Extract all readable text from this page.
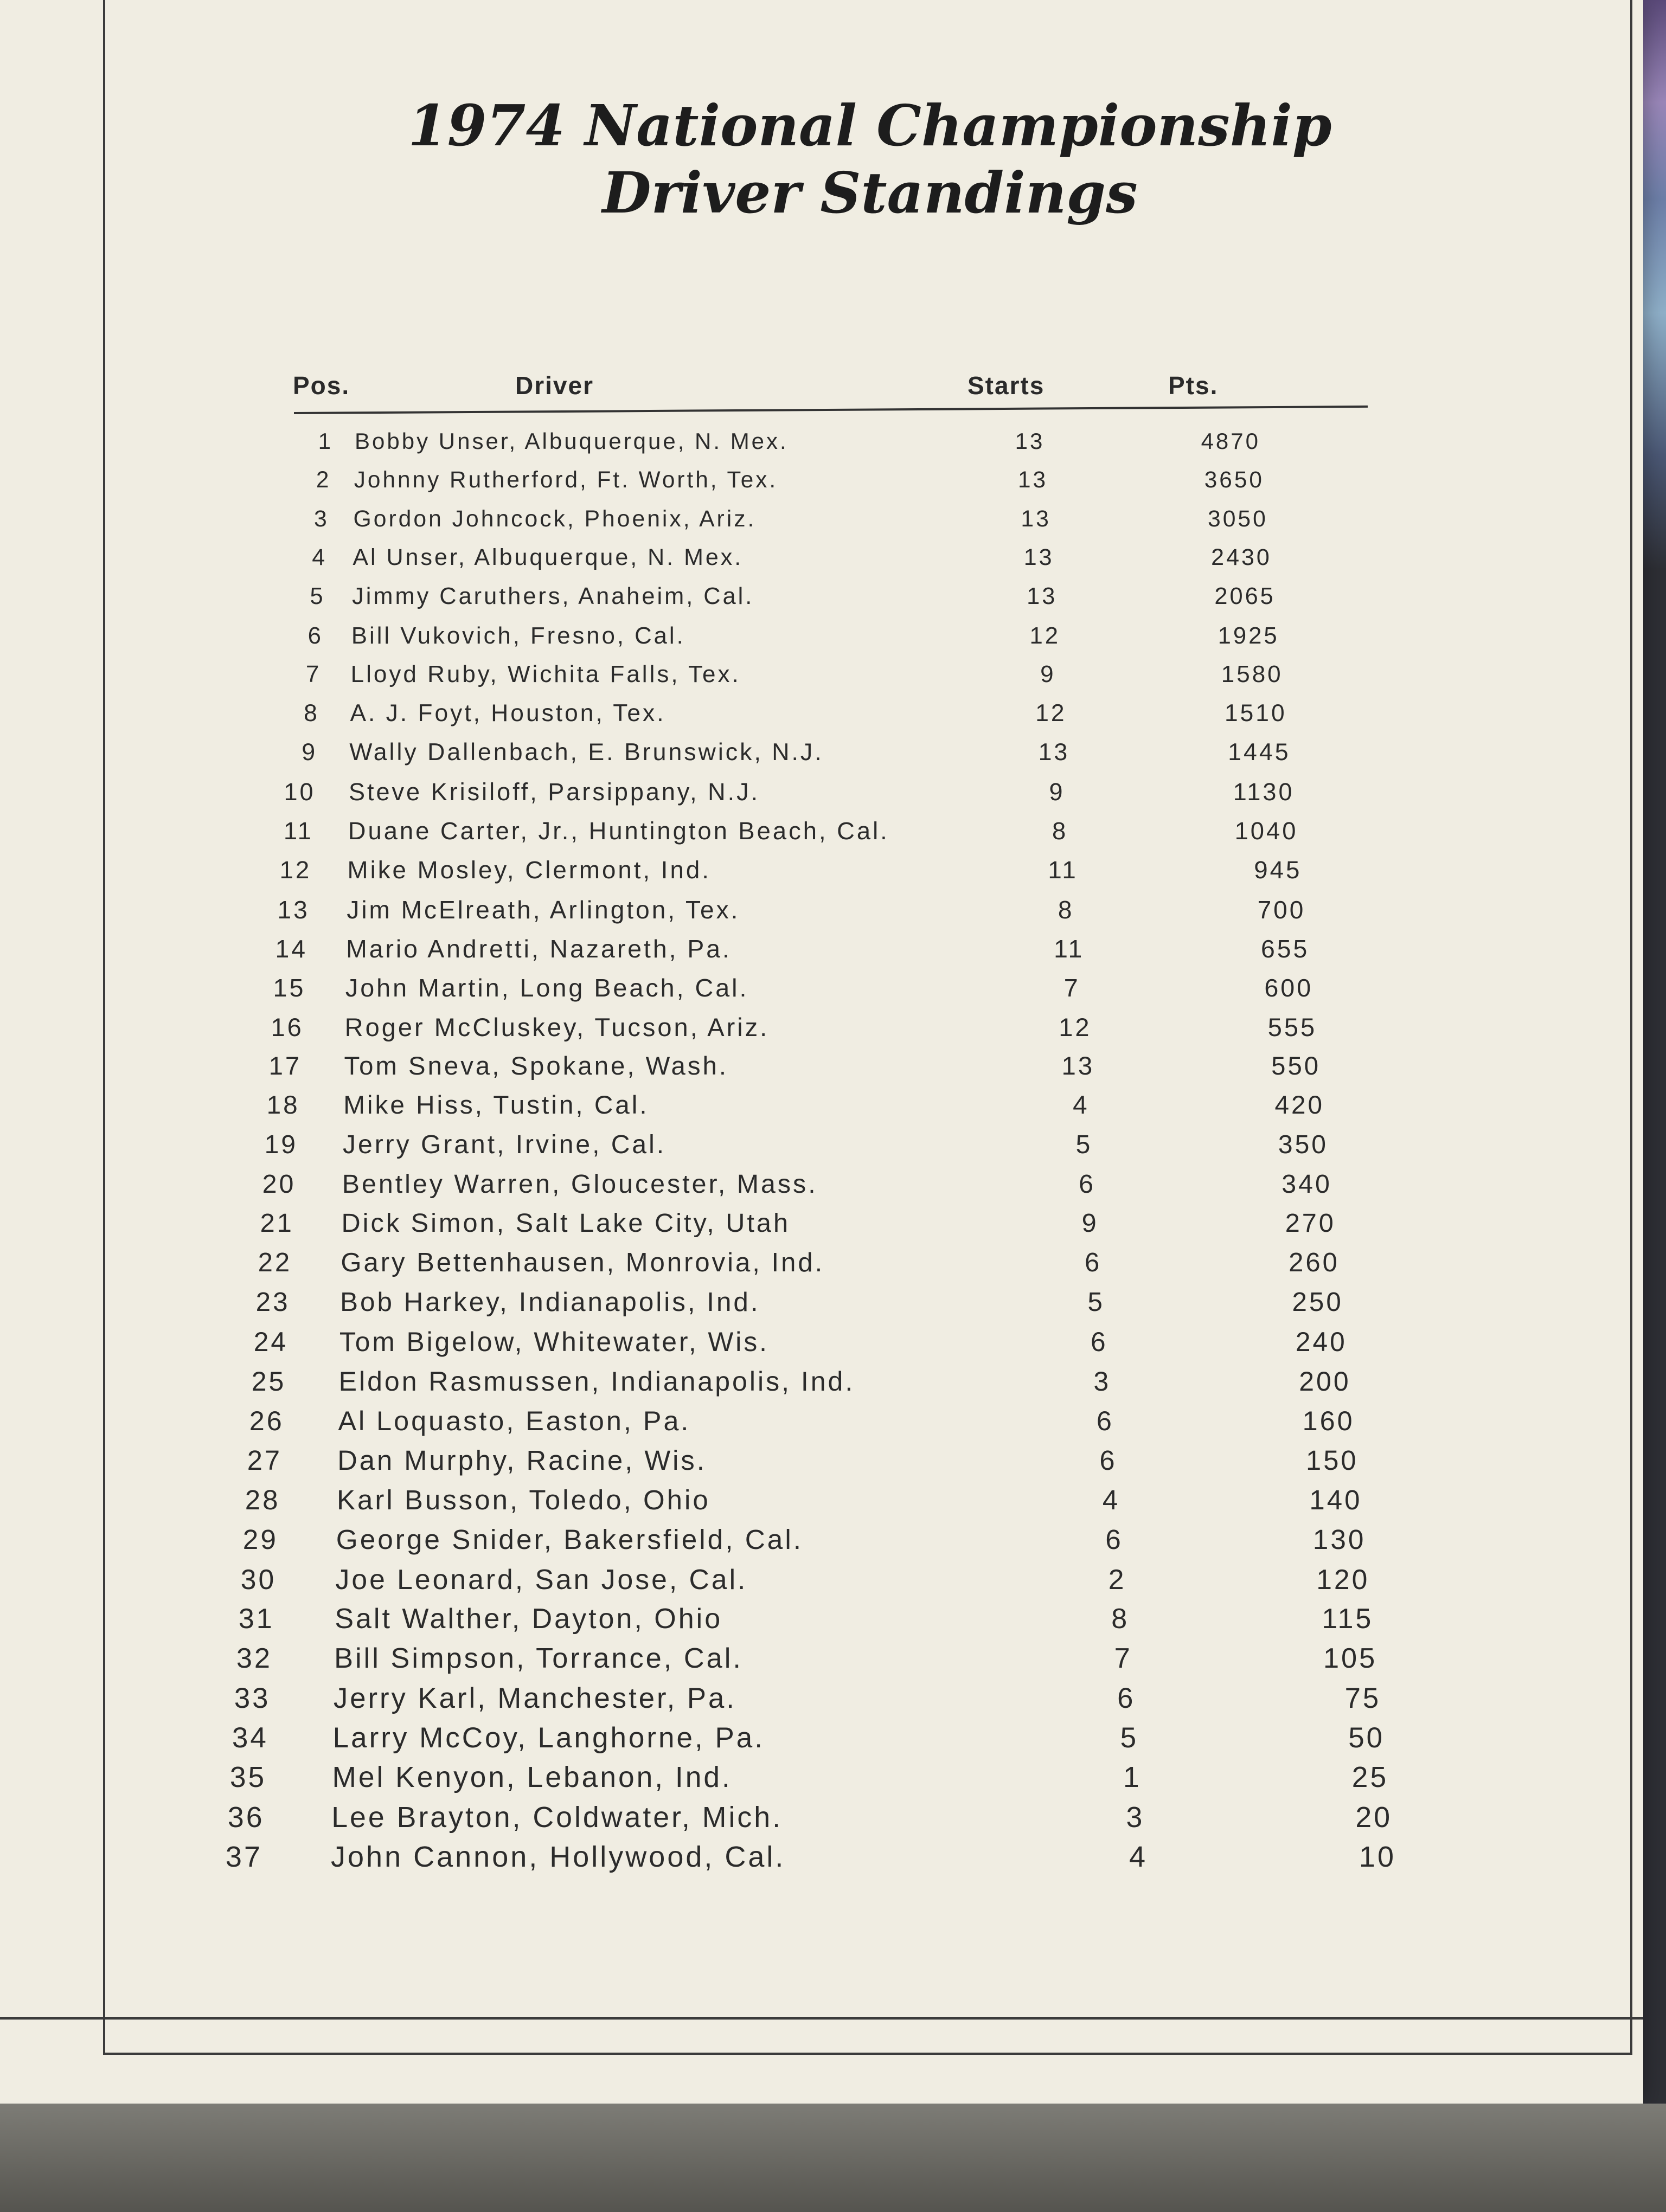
1974 National Championship
Driver Standings
Pos.	Driver	Starts	Pts.
1 Bobby Unser, Albuquerque, N. Mex.	13	4870
2 Johnny Rutherford, Ft. Worth, Tex.	13	3650
3 Gordon Johncock, Phoenix, Ariz.	13	3050
4 Al Unser, Albuquerque, N. Mex.	13	2430
5 Jimmy Caruthers, Anaheim, Cal.	13	2065
6 Bill Vukovich, Fresno, Cal.	12	1925
7 Lloyd Ruby, Wichita Falls, Tex.	9	1580
8 A. J. Foyt, Houston, Tex.	12	1510
9 Wally Dallenbach, E. Brunswick, N.J.	13	1445
10 Steve Krisiloff, Parsippany, N.J.	9	1130
11 Duane Carter, Jr., Huntington Beach, Cal.	8	1040
12 Mike Mosley, Clermont, Ind.	11	945
13 Jim McElreath, Arlington, Tex.	8	700
14 Mario Andretti, Nazareth, Pa.	11	655
15 John Martin, Long Beach, Cal.	7	600
16 Roger McCluskey, Tucson, Ariz.	12	555
17 Tom Sneva, Spokane, Wash.	13	550
18 Mike Hiss, Tustin, Cal.	4	420
19 Jerry Grant, Irvine, Cal.	5	350
20 Bentley Warren, Gloucester, Mass.	6	340
21 Dick Simon, Salt Lake City, Utah	9	270
22 Gary Bettenhausen, Monrovia, Ind.	6	260
23 Bob Harkey, Indianapolis, Ind.	5	250
24 Tom Bigelow, Whitewater, Wis.	6	240
25 Eldon Rasmussen, Indianapolis, Ind.	3	200
26 Al Loquasto, Easton, Pa.	6	160
27 Dan Murphy, Racine, Wis.	6	150
28 Karl Busson, Toledo, Ohio	4	140
29 George Snider, Bakersfield, Cal.	6	130
30 Joe Leonard, San Jose, Cal.	2	120
31 Salt Walther, Dayton, Ohio	8	115
32 Bill Simpson, Torrance, Cal.	7	105
33 Jerry Karl, Manchester, Pa.	6	75
34 Larry McCoy, Langhorne, Pa.	5	50
35 Mel Kenyon, Lebanon, Ind.	1	25
36 Lee Brayton, Coldwater, Mich.	3	20
37 John Cannon, Hollywood, Cal.	4	10
